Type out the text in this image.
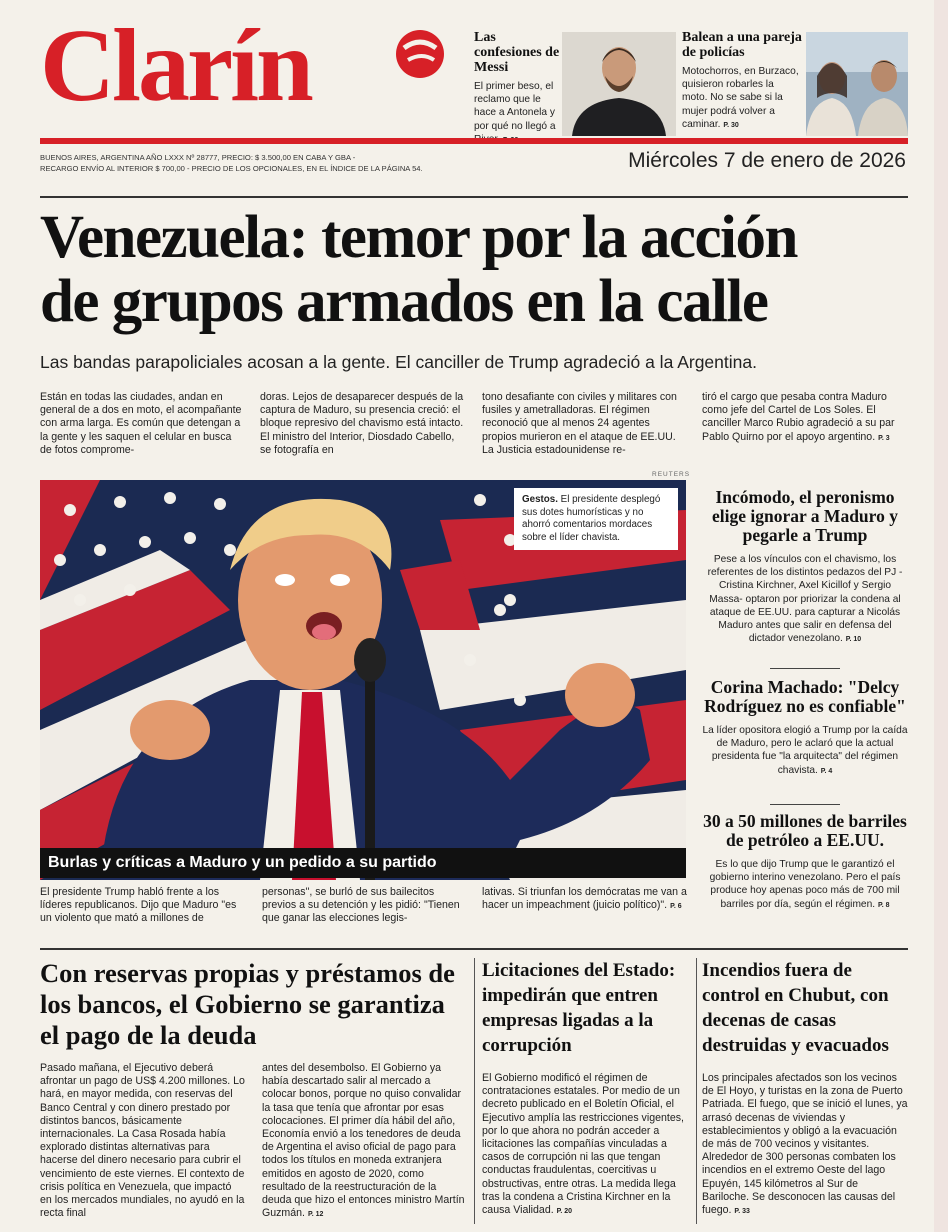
Clarín	Las confesiones de Messi
El primer beso, el reclamo que le hace a Antonela y por qué no llegó a
Balean a una pareja de policías
Motochorros, en Burzaco, quisieron robarles la moto. No se sabe si la mujer podrá volver a caminar. P. 30
BUENOS AIRES, ARGENTINA AÑO LXXX Nº 28777, PRECIO: $ 3.500,00 EN CABA Y GBA -
RECARGO ENVÍO AL INTERIOR $ 700,00 - PRECIO DE LOS OPCIONALES, EN EL ÍNDICE DE LA PÁGINA 54.	Miércoles 7 de enero de 2026
Venezuela: temor por la acción
de grupos armados en la calle
Las bandas parapoliciales acosan a la gente. El canciller de Trump agradeció a la Argentina.
Están en todas las ciudades, andan en general de a dos en moto, el acompañante con arma larga. Es común que detengan a la gente y les saquen el celular en busca de fotos comprome-
doras. Lejos de desaparecer después de la captura de Maduro, su presencia creció: el bloque represivo del chavismo está intacto. El ministro del Interior, Diosdado Cabello, se fotografía en
tono desafiante con civiles y militares con fusiles y ametralladoras. El régimen reconoció que al menos 24 agentes propios murieron en el ataque de EE.UU. La Justicia estadounidense re-
tiró el cargo que pesaba contra Maduro como jefe del Cartel de Los Soles. El canciller Marco Rubio agradeció a su par Pablo Quirno por el apoyo argentino. P. 3
REUTERS
Gestos. El presidente desplegó sus dotes humorísticas y no ahorró comentarios mordaces sobre el líder chavista.
Burlas y críticas a Maduro y un pedido a su partido
El presidente Trump habló frente a los líderes republicanos. Dijo que Maduro "es un violento que mató a millones de
personas", se burló de sus bailecitos previos a su detención y les pidió: "Tienen que ganar las elecciones legis-
lativas. Si triunfan los demócratas me van a hacer un impeachment (juicio político)". P. 6
Incómodo, el peronismo elige ignorar a Maduro y pegarle a Trump
Pese a los vínculos con el chavismo, los referentes de los distintos pedazos del PJ - Cristina Kirchner, Axel Kicillof y Sergio Massa- optaron por priorizar la condena al ataque de EE.UU. para capturar a Nicolás Maduro antes que salir en defensa del dictador venezolano. P. 10
Corina Machado: "Delcy Rodríguez no es confiable"
La líder opositora elogió a Trump por la caída de Maduro, pero le aclaró que la actual presidenta fue "la arquitecta" del régimen chavista. P. 4
30 a 50 millones de barriles de petróleo a EE.UU.
Es lo que dijo Trump que le garantizó el gobierno interino venezolano. Pero el país produce hoy apenas poco más de 700 mil barriles por día, según el régimen. P. 8
Con reservas propias y préstamos de los bancos, el Gobierno se garantiza el pago de la deuda
Pasado mañana, el Ejecutivo deberá afrontar un pago de US$ 4.200 millones. Lo hará, en mayor medida, con reservas del Banco Central y con dinero prestado por distintos bancos, básicamente internacionales. La Casa Rosada había explorado distintas alternativas para hacerse del dinero necesario para cubrir el vencimiento de este viernes. El contexto de crisis política en Venezuela, que impactó en los mercados mundiales, no ayudó en la recta final
antes del desembolso. El Gobierno ya había descartado salir al mercado a colocar bonos, porque no quiso convalidar la tasa que tenía que afrontar por esas colocaciones. El primer día hábil del año, Economía envió a los tenedores de deuda de Argentina el aviso oficial de pago para todos los títulos en moneda extranjera emitidos en agosto de 2020, como resultado de la reestructuración de la deuda que hizo el entonces ministro Martín Guzmán. P. 12
Licitaciones del Estado: impedirán que entren empresas ligadas a la corrupción
El Gobierno modificó el régimen de contrataciones estatales. Por medio de un decreto publicado en el Boletín Oficial, el Ejecutivo amplía las restricciones vigentes, por lo que ahora no podrán acceder a licitaciones las compañías vinculadas a casos de corrupción ni las que tengan conductas fraudulentas, coercitivas u obstructivas, entre otras. La medida llega tras la condena a Cristina Kirchner en la causa Vialidad. P. 20
Incendios fuera de control en Chubut, con decenas de casas destruidas y evacuados
Los principales afectados son los vecinos de El Hoyo, y turistas en la zona de Puerto Patriada. El fuego, que se inició el lunes, ya arrasó decenas de viviendas y establecimientos y obligó a la evacuación de más de 700 vecinos y visitantes. Alrededor de 300 personas combaten los incendios en el extremo Oeste del lago Epuyén, 145 kilómetros al Sur de Bariloche. Se desconocen las causas del fuego. P. 33
